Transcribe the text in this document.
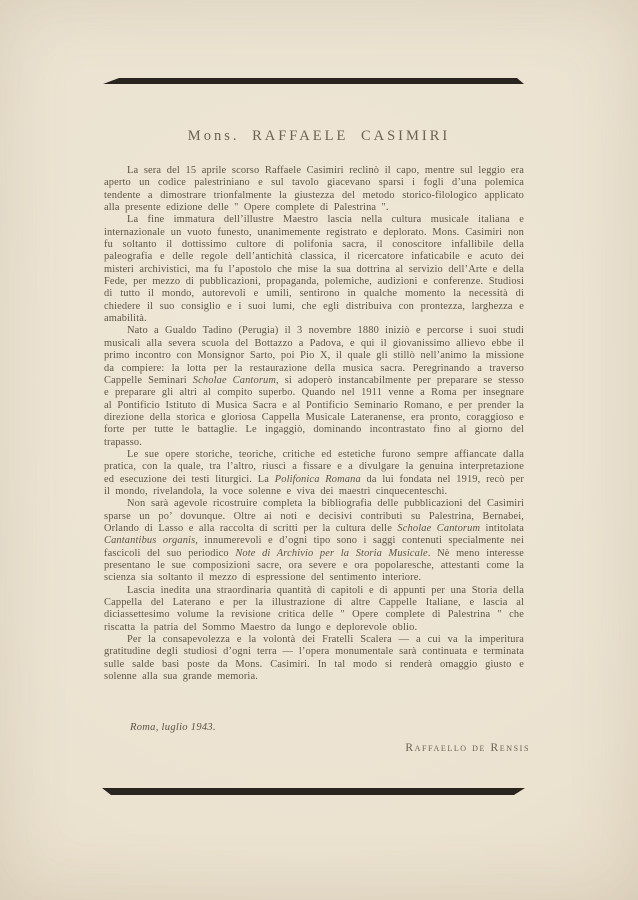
Mons. RAFFAELE CASIMIRI

La sera del 15 aprile scorso Raffaele Casimiri reclinò il capo, mentre sul leggio era aperto un codice palestriniano e sul tavolo giacevano sparsi i fogli d’una polemica tendente a dimostrare trionfalmente la giustezza del metodo storico-filologico applicato alla presente edizione delle " Opere complete di Palestrina ".

La fine immatura dell’illustre Maestro lascia nella cultura musicale italiana e internazionale un vuoto funesto, unanimemente registrato e deplorato. Mons. Casimiri non fu soltanto il dottissimo cultore di polifonia sacra, il conoscitore infallibile della paleografia e delle regole dell’antichità classica, il ricercatore infaticabile e acuto dei misteri archivistici, ma fu l’apostolo che mise la sua dottrina al servizio dell’Arte e della Fede, per mezzo di pubblicazioni, propaganda, polemiche, audizioni e conferenze. Studiosi di tutto il mondo, autorevoli e umili, sentirono in qualche momento la necessità di chiedere il suo consiglio e i suoi lumi, che egli distribuiva con prontezza, larghezza e amabilità.

Nato a Gualdo Tadino (Perugia) il 3 novembre 1880 iniziò e percorse i suoi studi musicali alla severa scuola del Bottazzo a Padova, e qui il giovanissimo allievo ebbe il primo incontro con Monsignor Sarto, poi Pio X, il quale gli stillò nell’animo la missione da compiere: la lotta per la restaurazione della musica sacra. Peregrinando a traverso Cappelle Seminari Scholae Cantorum, si adoperò instancabilmente per preparare se stesso e preparare gli altri al compito superbo. Quando nel 1911 venne a Roma per insegnare al Pontificio Istituto di Musica Sacra e al Pontificio Seminario Romano, e per prender la direzione della storica e gloriosa Cappella Musicale Lateranense, era pronto, coraggioso e forte per tutte le battaglie. Le ingaggiò, dominando incontrastato fino al giorno del trapasso.

Le sue opere storiche, teoriche, critiche ed estetiche furono sempre affiancate dalla pratica, con la quale, tra l’altro, riuscì a fissare e a divulgare la genuina interpretazione ed esecuzione dei testi liturgici. La Polifonica Romana da lui fondata nel 1919, recò per il mondo, rivelandola, la voce solenne e viva dei maestri cinquecenteschi.

Non sarà agevole ricostruire completa la bibliografia delle pubblicazioni del Casimiri sparse un po’ dovunque. Oltre ai noti e decisivi contributi su Palestrina, Bernabei, Orlando di Lasso e alla raccolta di scritti per la cultura delle Scholae Cantorum intitolata Cantantibus organis, innumerevoli e d’ogni tipo sono i saggi contenuti specialmente nei fascicoli del suo periodico Note di Archivio per la Storia Musicale. Nè meno interesse presentano le sue composizioni sacre, ora severe e ora popolaresche, attestanti come la scienza sia soltanto il mezzo di espressione del sentimento interiore.

Lascia inedita una straordinaria quantità di capitoli e di appunti per una Storia della Cappella del Laterano e per la illustrazione di altre Cappelle Italiane, e lascia al diciassettesimo volume la revisione critica delle " Opere complete di Palestrina " che riscatta la patria del Sommo Maestro da lungo e deplorevole oblio.

Per la consapevolezza e la volontà dei Fratelli Scalera — a cui va la imperitura gratitudine degli studiosi d’ogni terra — l’opera monumentale sarà continuata e terminata sulle salde basi poste da Mons. Casimiri. In tal modo si renderà omaggio giusto e solenne alla sua grande memoria.

Roma, luglio 1943.
Raffaello de Rensis
